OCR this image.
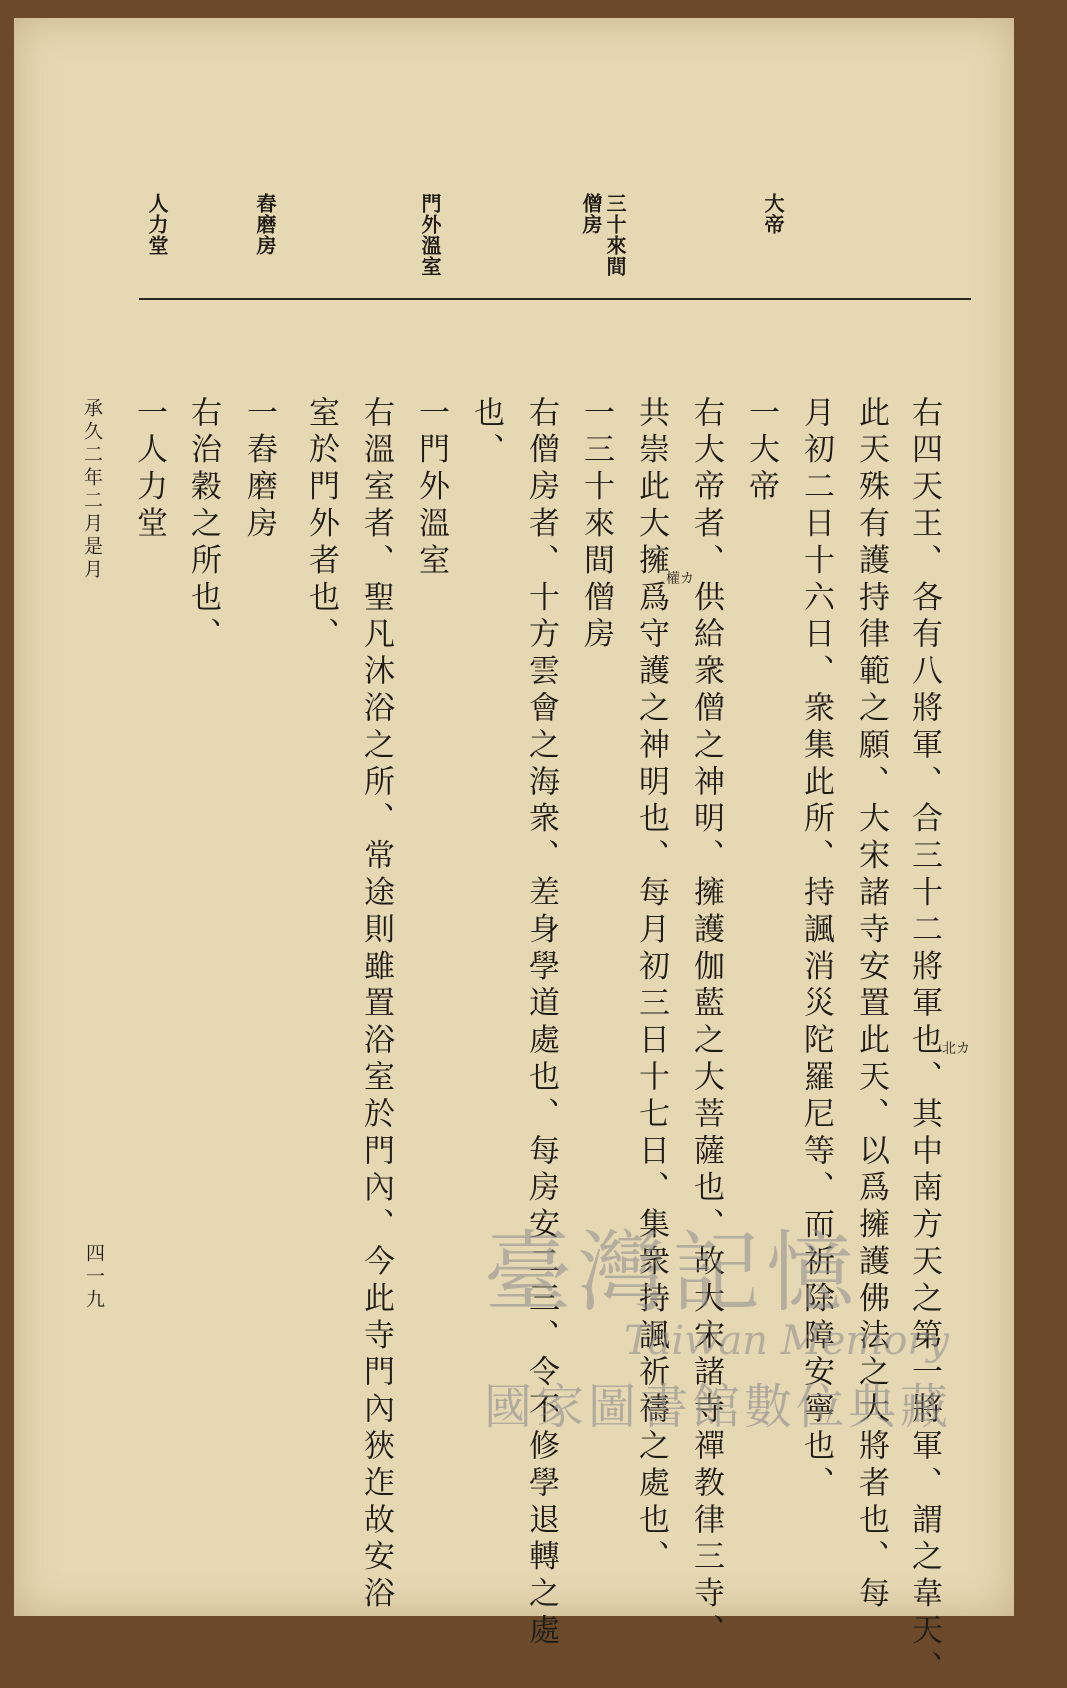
大帝
三十來間
僧房
門外溫室
舂磨房
人力堂
右四天王、各有八將軍、合三十二將軍也、其中南方天之第一將軍、謂之韋天、
此天殊有護持律範之願、大宋諸寺安置此天、以爲擁護佛法之大將者也、每
月初二日十六日、衆集此所、持諷消災陀羅尼等、而祈除障安寧也、
一大帝
右大帝者、供給衆僧之神明、擁護伽藍之大菩薩也、故大宋諸寺禪教律三寺、
共崇此大擁爲守護之神明也、每月初三日十七日、集衆持諷祈禱之處也、
一三十來間僧房
右僧房者、十方雲會之海衆、差身學道處也、每房安二三、令不修學退轉之處
也、
一門外溫室
右溫室者、聖凡沐浴之所、常途則雖置浴室於門內、今此寺門內狹迮故安浴
室於門外者也、
一舂磨房
右治穀之所也、
一人力堂
北カ
權カ
承久二年二月是月
四一九	臺灣記憶
Taiwan Memory
國家圖書館數位典藏
